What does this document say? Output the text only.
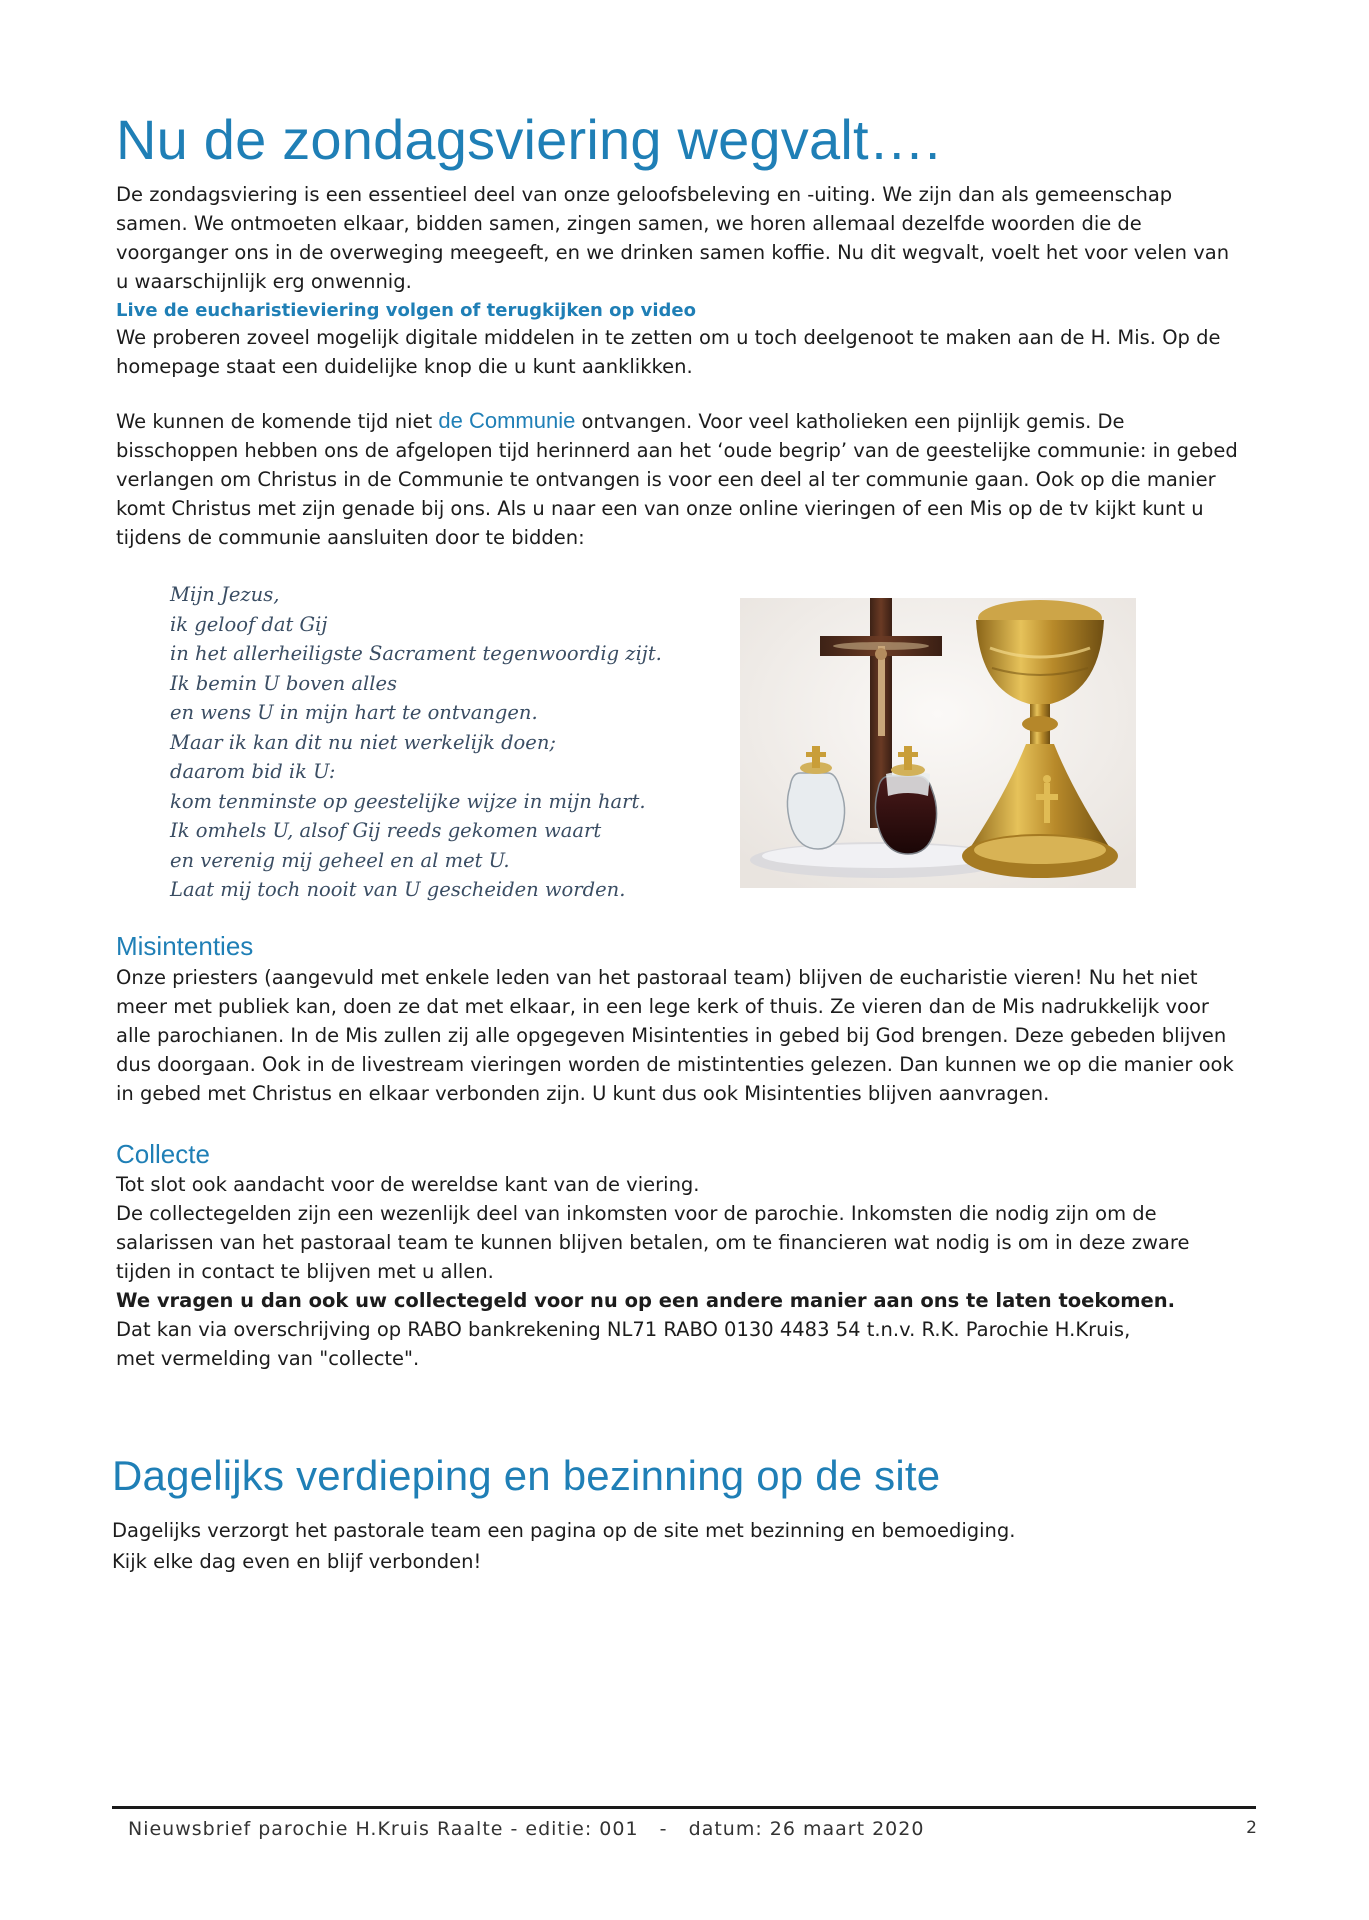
Nu de zondagsviering wegvalt….

De zondagsviering is een essentieel deel van onze geloofsbeleving en -uiting. We zijn dan als gemeenschap samen. We ontmoeten elkaar, bidden samen, zingen samen, we horen allemaal dezelfde woorden die de voorganger ons in de overweging meegeeft, en we drinken samen koffie. Nu dit wegvalt, voelt het voor velen van u waarschijnlijk erg onwennig.

Live de eucharistieviering volgen of terugkijken op video

We proberen zoveel mogelijk digitale middelen in te zetten om u toch deelgenoot te maken aan de H. Mis. Op de homepage staat een duidelijke knop die u kunt aanklikken.

We kunnen de komende tijd niet de Communie ontvangen. Voor veel katholieken een pijnlijk gemis. De bisschoppen hebben ons de afgelopen tijd herinnerd aan het ‘oude begrip’ van de geestelijke communie: in gebed verlangen om Christus in de Communie te ontvangen is voor een deel al ter communie gaan. Ook op die manier komt Christus met zijn genade bij ons. Als u naar een van onze online vieringen of een Mis op de tv kijkt kunt u tijdens de communie aansluiten door te bidden:

Mijn Jezus,
ik geloof dat Gij
in het allerheiligste Sacrament tegenwoordig zijt.
Ik bemin U boven alles
en wens U in mijn hart te ontvangen.
Maar ik kan dit nu niet werkelijk doen;
daarom bid ik U:
kom tenminste op geestelijke wijze in mijn hart.
Ik omhels U, alsof Gij reeds gekomen waart
en verenig mij geheel en al met U.
Laat mij toch nooit van U gescheiden worden.
Misintenties

Onze priesters (aangevuld met enkele leden van het pastoraal team) blijven de eucharistie vieren! Nu het niet meer met publiek kan, doen ze dat met elkaar, in een lege kerk of thuis. Ze vieren dan de Mis nadrukkelijk voor alle parochianen. In de Mis zullen zij alle opgegeven Misintenties in gebed bij God brengen. Deze gebeden blijven dus doorgaan. Ook in de livestream vieringen worden de mistintenties gelezen. Dan kunnen we op die manier ook in gebed met Christus en elkaar verbonden zijn. U kunt dus ook Misintenties blijven aanvragen.

Collecte

Tot slot ook aandacht voor de wereldse kant van de viering.

De collectegelden zijn een wezenlijk deel van inkomsten voor de parochie. Inkomsten die nodig zijn om de salarissen van het pastoraal team te kunnen blijven betalen, om te financieren wat nodig is om in deze zware tijden in contact te blijven met u allen.

We vragen u dan ook uw collectegeld voor nu op een andere manier aan ons te laten toekomen.

Dat kan via overschrijving op RABO bankrekening NL71 RABO 0130 4483 54 t.n.v. R.K. Parochie H.Kruis,

met vermelding van "collecte".

Dagelijks verdieping en bezinning op de site

Dagelijks verzorgt het pastorale team een pagina op de site met bezinning en bemoediging.

Kijk elke dag even en blijf verbonden!

Nieuwsbrief parochie H.Kruis Raalte - editie: 001   -   datum: 26 maart 2020	2
